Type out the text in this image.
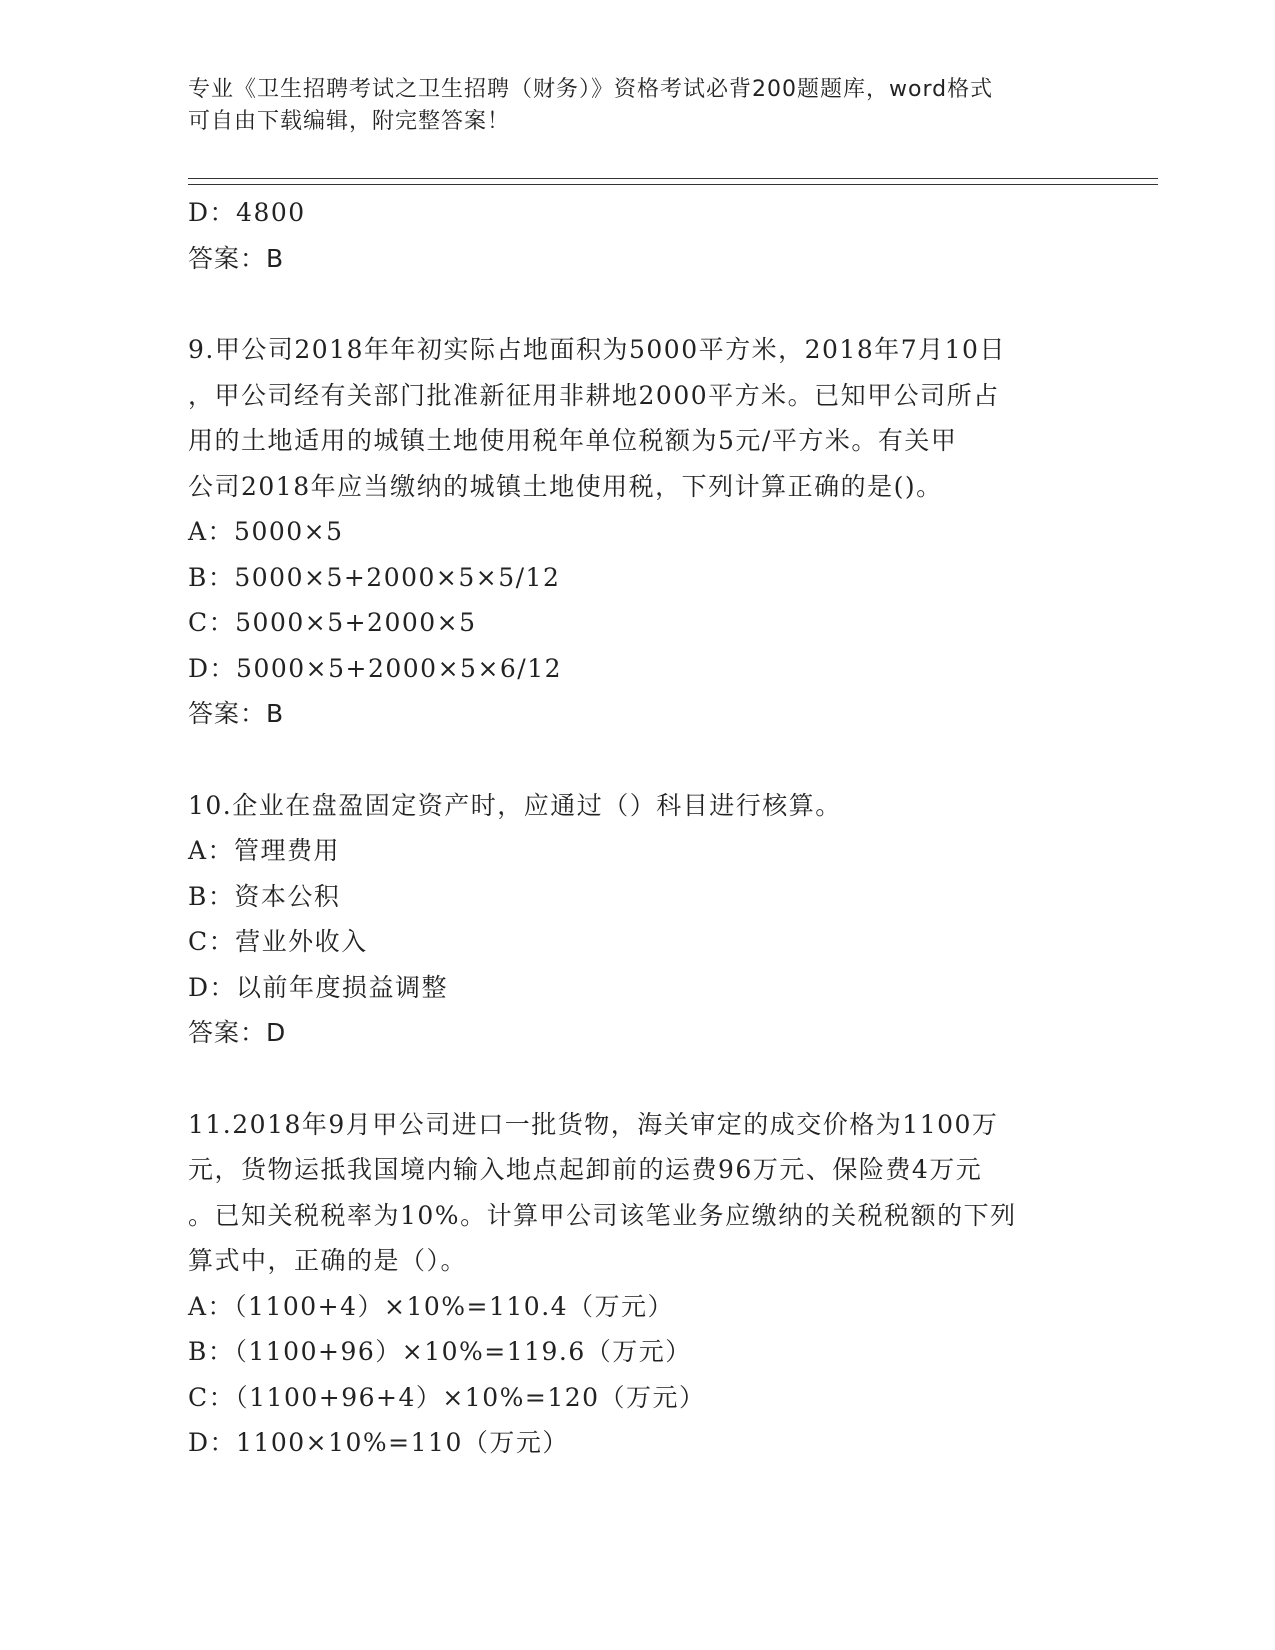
专业《卫生招聘考试之卫生招聘（财务）》资格考试必背200题题库，word格式
可自由下载编辑，附完整答案！
D：4800
答案：B
9.甲公司2018年年初实际占地面积为5000平方米，2018年7月10日
，甲公司经有关部门批准新征用非耕地2000平方米。已知甲公司所占
用的土地适用的城镇土地使用税年单位税额为5元/平方米。有关甲
公司2018年应当缴纳的城镇土地使用税，下列计算正确的是()。
A：5000×5
B：5000×5+2000×5×5/12
C：5000×5+2000×5
D：5000×5+2000×5×6/12
答案：B
10.企业在盘盈固定资产时，应通过（）科目进行核算。
A：管理费用
B：资本公积
C：营业外收入
D：以前年度损益调整
答案：D
11.2018年9月甲公司进口一批货物，海关审定的成交价格为1100万
元，货物运抵我国境内输入地点起卸前的运费96万元、保险费4万元
。已知关税税率为10%。计算甲公司该笔业务应缴纳的关税税额的下列
算式中，正确的是（）。
A：（1100+4）×10%=110.4（万元）
B：（1100+96）×10%=119.6（万元）
C：（1100+96+4）×10%=120（万元）
D：1100×10%=110（万元）
